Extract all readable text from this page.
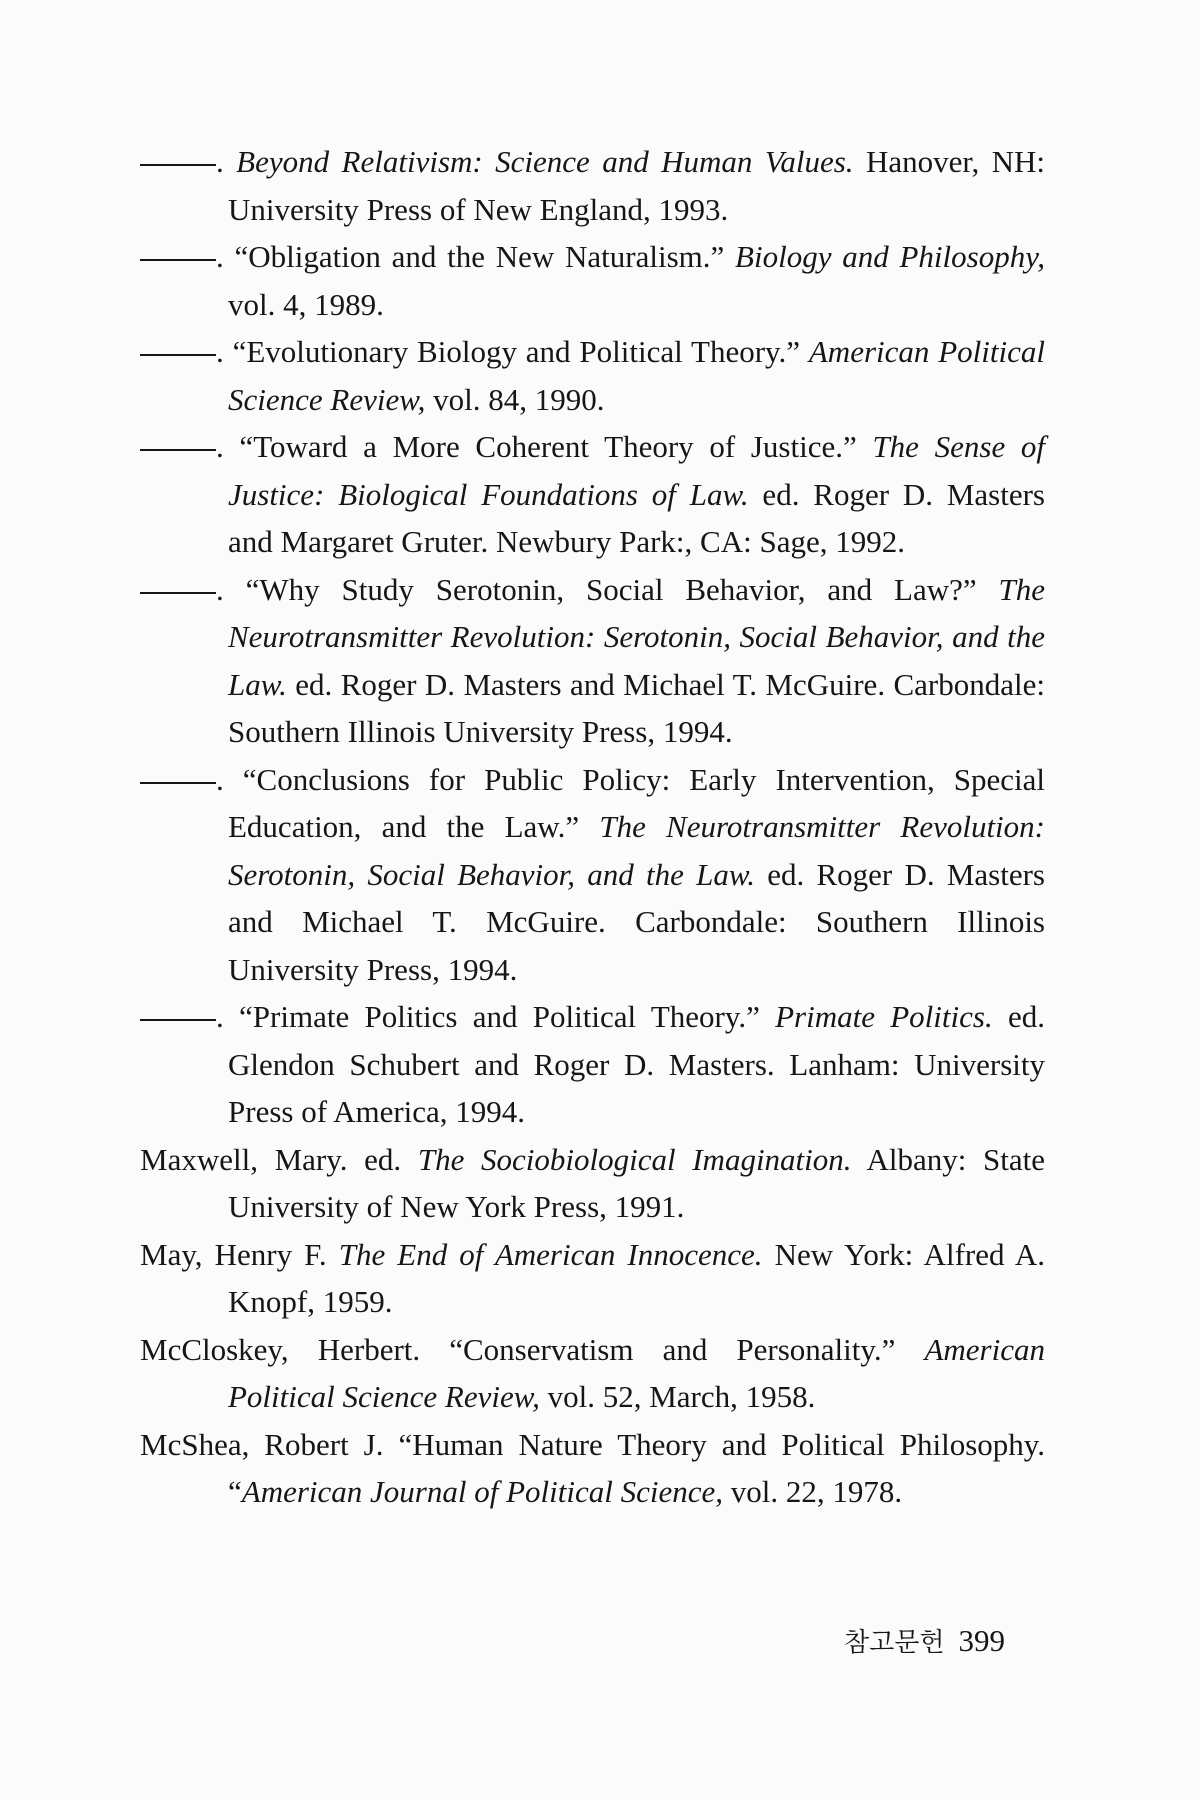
. Beyond Relativism: Science and Human Values. Hanover, NH: University Press of New England, 1993.
. “Obligation and the New Naturalism.” Biology and Philosophy, vol. 4, 1989.
. “Evolutionary Biology and Political Theory.” American Political Science Review, vol. 84, 1990.
. “Toward a More Coherent Theory of Justice.” The Sense of Justice: Biological Foundations of Law. ed. Roger D. Masters and Margaret Gruter. Newbury Park:, CA: Sage, 1992.
. “Why Study Serotonin, Social Behavior, and Law?” The Neurotransmitter Revolution: Serotonin, Social Behavior, and the Law. ed. Roger D. Masters and Michael T. McGuire. Carbondale: Southern Illinois University Press, 1994.
. “Conclusions for Public Policy: Early Intervention, Special Education, and the Law.” The Neurotransmitter Revolution: Serotonin, Social Behavior, and the Law. ed. Roger D. Masters and Michael T. McGuire. Carbondale: Southern Illinois University Press, 1994.
. “Primate Politics and Political Theory.” Primate Politics. ed. Glendon Schubert and Roger D. Masters. Lanham: University Press of America, 1994.
Maxwell, Mary. ed. The Sociobiological Imagination. Albany: State University of New York Press, 1991.
May, Henry F. The End of American Innocence. New York: Alfred A. Knopf, 1959.
McCloskey, Herbert. “Conservatism and Personality.” American Political Science Review, vol. 52, March, 1958.
McShea, Robert J. “Human Nature Theory and Political Philosophy. “American Journal of Political Science, vol. 22, 1978.
참고문헌 399
